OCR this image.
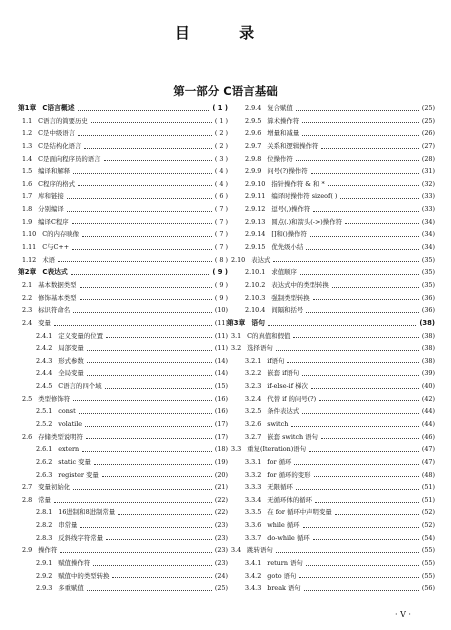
目 录
第一部分 C语言基础
第1章 C语言概述	( 1 )
1.1 C语言的简要历史	( 1 )
1.2 C是中级语言	( 2 )
1.3 C是结构化语言	( 2 )
1.4 C是面向程序员的语言	( 3 )
1.5 编译和解释	( 4 )
1.6 C程序的格式	( 4 )
1.7 库和链接	( 6 )
1.8 分别编译	( 7 )
1.9 编译C程序	( 7 )
1.10 C的内存映像	( 7 )
1.11 C与C++	( 7 )
1.12 术语	( 8 )
第2章 C表达式	( 9 )
2.1 基本数据类型	( 9 )
2.2 修饰基本类型	( 9 )
2.3 标识符命名	(10)
2.4 变量	(11)
2.4.1 定义变量的位置	(11)
2.4.2 局部变量	(11)
2.4.3 形式参数	(14)
2.4.4 全局变量	(14)
2.4.5 C语言的四个域	(15)
2.5 类型修饰符	(16)
2.5.1 const	(16)
2.5.2 volatile	(17)
2.6 存储类型说明符	(17)
2.6.1 extern	(18)
2.6.2 static 变量	(19)
2.6.3 register 变量	(20)
2.7 变量初始化	(21)
2.8 常量	(22)
2.8.1 16进制和8进制常量	(22)
2.8.2 串常量	(23)
2.8.3 反斜线字符常量	(23)
2.9 操作符	(23)
2.9.1 赋值操作符	(23)
2.9.2 赋值中的类型转换	(24)
2.9.3 多重赋值	(25)
2.9.4 复合赋值	(25)
2.9.5 算术操作符	(25)
2.9.6 增量和减量	(26)
2.9.7 关系和逻辑操作符	(27)
2.9.8 位操作符	(28)
2.9.9 问号(?)操作符	(31)
2.9.10 指针操作符 & 和 *	(32)
2.9.11 编译时操作符 sizeof( )	(33)
2.9.12 逗号(,)操作符	(33)
2.9.13 圆点(.)和箭头(->)操作符	(34)
2.9.14 []和()操作符	(34)
2.9.15 优先级小结	(34)
2.10 表达式	(35)
2.10.1 求值顺序	(35)
2.10.2 表达式中的类型转换	(35)
2.10.3 强制类型转换	(36)
2.10.4 间隔和括号	(36)
第3章 语句	(38)
3.1 C的真值和假值	(38)
3.2 选择语句	(38)
3.2.1 if语句	(38)
3.2.2 嵌套 if语句	(39)
3.2.3 if-else-if 梯次	(40)
3.2.4 代替 if 的问号(?)	(42)
3.2.5 条件表达式	(44)
3.2.6 switch	(44)
3.2.7 嵌套 switch 语句	(46)
3.3 重复(Iteration)语句	(47)
3.3.1 for 循环	(47)
3.3.2 for 循环的变形	(48)
3.3.3 无限循环	(51)
3.3.4 无循环体的循环	(51)
3.3.5 在 for 循环中声明变量	(52)
3.3.6 while 循环	(52)
3.3.7 do-while 循环	(54)
3.4 跳转语句	(55)
3.4.1 return 语句	(55)
3.4.2 goto 语句	(55)
3.4.3 break 语句	(56)
· V ·
